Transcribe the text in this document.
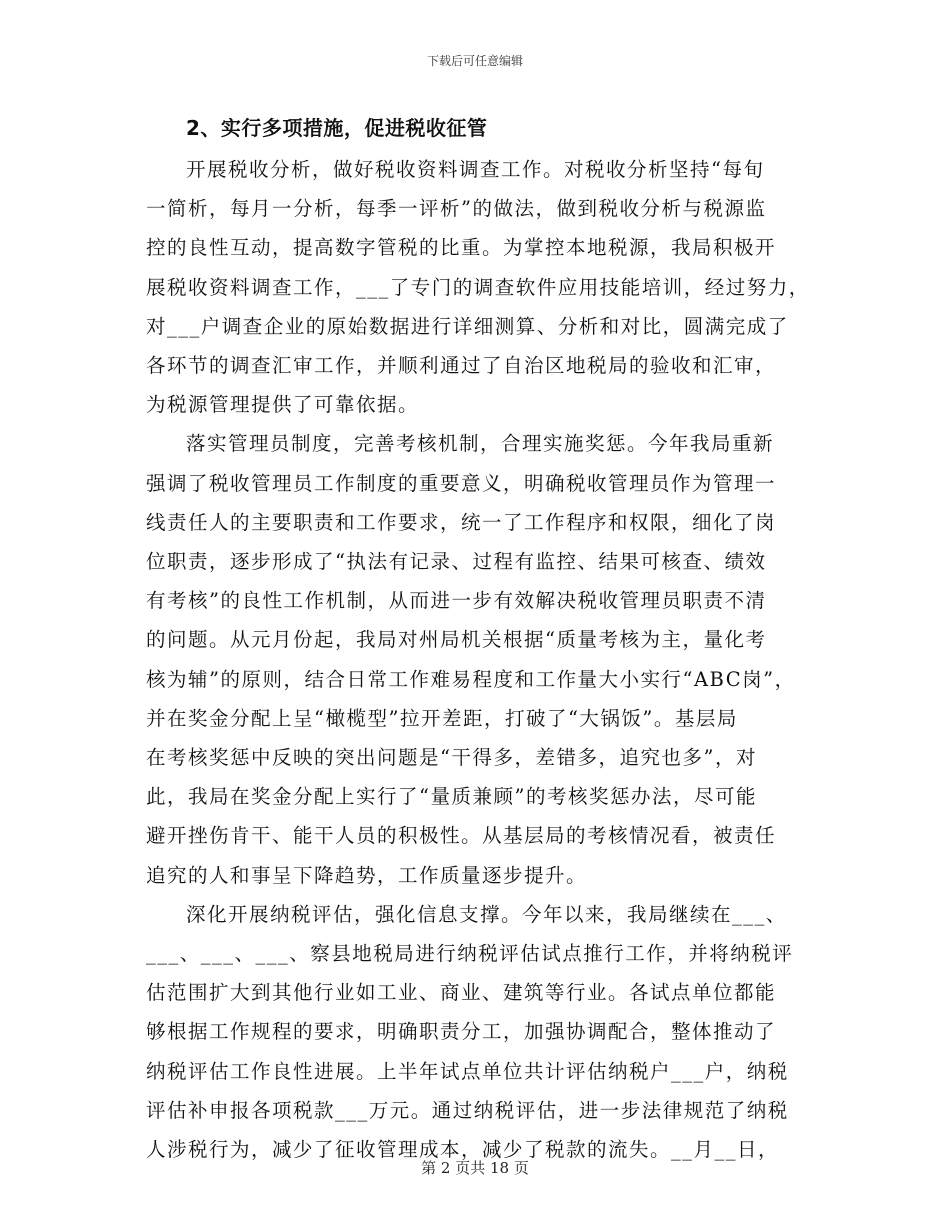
下载后可任意编辑
2、实行多项措施，促进税收征管
开展税收分析，做好税收资料调查工作。对税收分析坚持“每旬
一简析，每月一分析，每季一评析”的做法，做到税收分析与税源监
控的良性互动，提高数字管税的比重。为掌控本地税源，我局积极开
展税收资料调查工作，___了专门的调查软件应用技能培训，经过努力，
对___户调查企业的原始数据进行详细测算、分析和对比，圆满完成了
各环节的调查汇审工作，并顺利通过了自治区地税局的验收和汇审，
为税源管理提供了可靠依据。
落实管理员制度，完善考核机制，合理实施奖惩。今年我局重新
强调了税收管理员工作制度的重要意义，明确税收管理员作为管理一
线责任人的主要职责和工作要求，统一了工作程序和权限，细化了岗
位职责，逐步形成了“执法有记录、过程有监控、结果可核查、绩效
有考核”的良性工作机制，从而进一步有效解决税收管理员职责不清
的问题。从元月份起，我局对州局机关根据“质量考核为主，量化考
核为辅”的原则，结合日常工作难易程度和工作量大小实行“ABC岗”，
并在奖金分配上呈“橄榄型”拉开差距，打破了“大锅饭”。基层局
在考核奖惩中反映的突出问题是“干得多，差错多，追究也多”，对
此，我局在奖金分配上实行了“量质兼顾”的考核奖惩办法，尽可能
避开挫伤肯干、能干人员的积极性。从基层局的考核情况看，被责任
追究的人和事呈下降趋势，工作质量逐步提升。
深化开展纳税评估，强化信息支撑。今年以来，我局继续在___、
___、___、___、察县地税局进行纳税评估试点推行工作，并将纳税评
估范围扩大到其他行业如工业、商业、建筑等行业。各试点单位都能
够根据工作规程的要求，明确职责分工，加强协调配合，整体推动了
纳税评估工作良性进展。上半年试点单位共计评估纳税户___户，纳税
评估补申报各项税款___万元。通过纳税评估，进一步法律规范了纳税
人涉税行为，减少了征收管理成本，减少了税款的流失。__月__日，
第 2 页共 18 页
